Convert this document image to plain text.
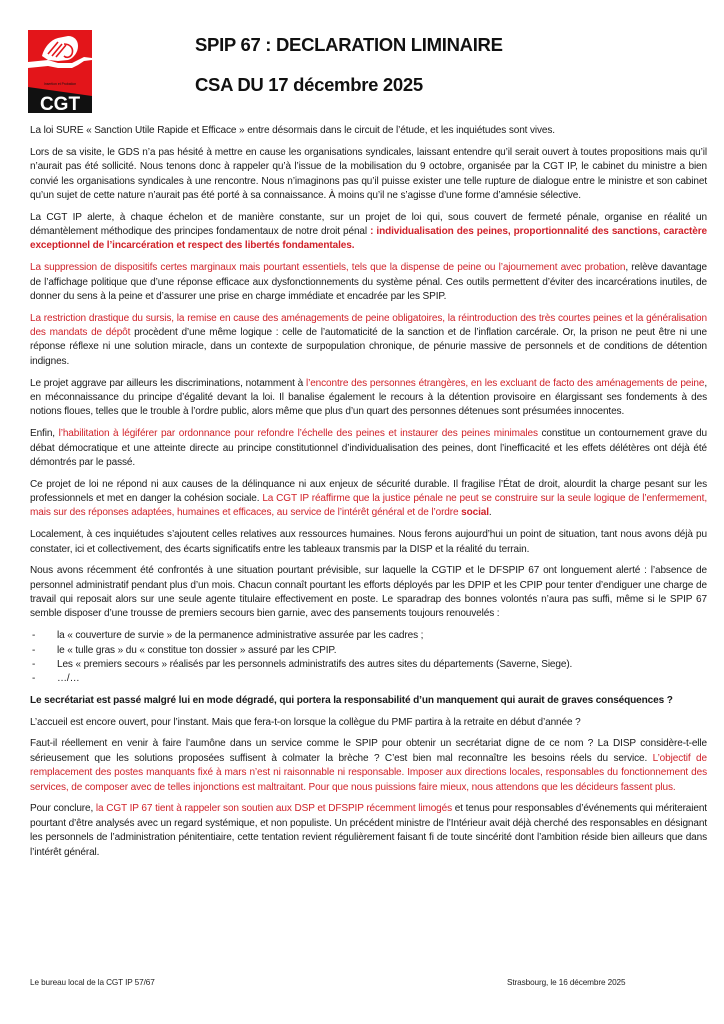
Insertion et Probation
CGT
SPIP 67 : DECLARATION LIMINAIRE
CSA DU 17 décembre 2025

La loi SURE « Sanction Utile Rapide et Efficace » entre désormais dans le circuit de l’étude, et les inquiétudes sont vives.

Lors de sa visite, le GDS n’a pas hésité à mettre en cause les organisations syndicales, laissant entendre qu’il serait ouvert à toutes propositions mais qu’il n’aurait pas été sollicité. Nous tenons donc à rappeler qu’à l’issue de la mobilisation du 9 octobre, organisée par la CGT IP, le cabinet du ministre a bien convié les organisations syndicales à une rencontre. Nous n’imaginons pas qu’il puisse exister une telle rupture de dialogue entre le ministre et son cabinet qu’un sujet de cette nature n’aurait pas été porté à sa connaissance. À moins qu’il ne s’agisse d’une forme d’amnésie sélective.

La CGT IP alerte, à chaque échelon et de manière constante, sur un projet de loi qui, sous couvert de fermeté pénale, organise en réalité un démantèlement méthodique des principes fondamentaux de notre droit pénal : individualisation des peines, proportionnalité des sanctions, caractère exceptionnel de l’incarcération et respect des libertés fondamentales.

La suppression de dispositifs certes marginaux mais pourtant essentiels, tels que la dispense de peine ou l’ajournement avec probation, relève davantage de l’affichage politique que d’une réponse efficace aux dysfonctionnements du système pénal. Ces outils permettent d’éviter des incarcérations inutiles, de donner du sens à la peine et d’assurer une prise en charge immédiate et encadrée par les SPIP.

La restriction drastique du sursis, la remise en cause des aménagements de peine obligatoires, la réintroduction des très courtes peines et la généralisation des mandats de dépôt procèdent d’une même logique : celle de l’automaticité de la sanction et de l’inflation carcérale. Or, la prison ne peut être ni une réponse réflexe ni une solution miracle, dans un contexte de surpopulation chronique, de pénurie massive de personnels et de conditions de détention indignes.

Le projet aggrave par ailleurs les discriminations, notamment à l’encontre des personnes étrangères, en les excluant de facto des aménagements de peine, en méconnaissance du principe d’égalité devant la loi. Il banalise également le recours à la détention provisoire en élargissant ses fondements à des notions floues, telles que le trouble à l’ordre public, alors même que plus d’un quart des personnes détenues sont présumées innocentes.

Enfin, l’habilitation à légiférer par ordonnance pour refondre l’échelle des peines et instaurer des peines minimales constitue un contournement grave du débat démocratique et une atteinte directe au principe constitutionnel d’individualisation des peines, dont l’inefficacité et les effets délétères ont déjà été démontrés par le passé.

Ce projet de loi ne répond ni aux causes de la délinquance ni aux enjeux de sécurité durable. Il fragilise l’État de droit, alourdit la charge pesant sur les professionnels et met en danger la cohésion sociale. La CGT IP réaffirme que la justice pénale ne peut se construire sur la seule logique de l’enfermement, mais sur des réponses adaptées, humaines et efficaces, au service de l’intérêt général et de l’ordre social.

Localement, à ces inquiétudes s’ajoutent celles relatives aux ressources humaines. Nous ferons aujourd’hui un point de situation, tant nous avons déjà pu constater, ici et collectivement, des écarts significatifs entre les tableaux transmis par la DISP et la réalité du terrain.

Nous avons récemment été confrontés à une situation pourtant prévisible, sur laquelle la CGTIP et le DFSPIP 67 ont longuement alerté : l’absence de personnel administratif pendant plus d’un mois. Chacun connaît pourtant les efforts déployés par les DPIP et les CPIP pour tenter d’endiguer une charge de travail qui reposait alors sur une seule agente titulaire effectivement en poste. Le sparadrap des bonnes volontés n’aura pas suffi, même si le SPIP 67 semble disposer d’une trousse de premiers secours bien garnie, avec des pansements toujours renouvelés :

- la « couverture de survie » de la permanence administrative assurée par les cadres ;
- le « tulle gras » du « constitue ton dossier » assuré par les CPIP.
- Les « premiers secours » réalisés par les personnels administratifs des autres sites du départements (Saverne, Siege).
- …/…

Le secrétariat est passé malgré lui en mode dégradé, qui portera la responsabilité d’un manquement qui aurait de graves conséquences ?

L’accueil est encore ouvert, pour l’instant. Mais que fera-t-on lorsque la collègue du PMF partira à la retraite en début d’année ?

Faut-il réellement en venir à faire l’aumône dans un service comme le SPIP pour obtenir un secrétariat digne de ce nom ? La DISP considère-t-elle sérieusement que les solutions proposées suffisent à colmater la brèche ? C’est bien mal reconnaître les besoins réels du service. L’objectif de remplacement des postes manquants fixé à mars n’est ni raisonnable ni responsable. Imposer aux directions locales, responsables du fonctionnement des services, de composer avec de telles injonctions est maltraitant. Pour que nous puissions faire mieux, nous attendons que les décideurs fassent plus.

Pour conclure, la CGT IP 67 tient à rappeler son soutien aux DSP et DFSPIP récemment limogés et tenus pour responsables d’événements qui mériteraient pourtant d’être analysés avec un regard systémique, et non populiste. Un précédent ministre de l’Intérieur avait déjà cherché des responsables en désignant les personnels de l’administration pénitentiaire, cette tentation revient régulièrement faisant fi de toute sincérité dont l’ambition réside bien ailleurs que dans l’intérêt général.

Le bureau local de la CGT IP 57/67	Strasbourg, le 16 décembre 2025
